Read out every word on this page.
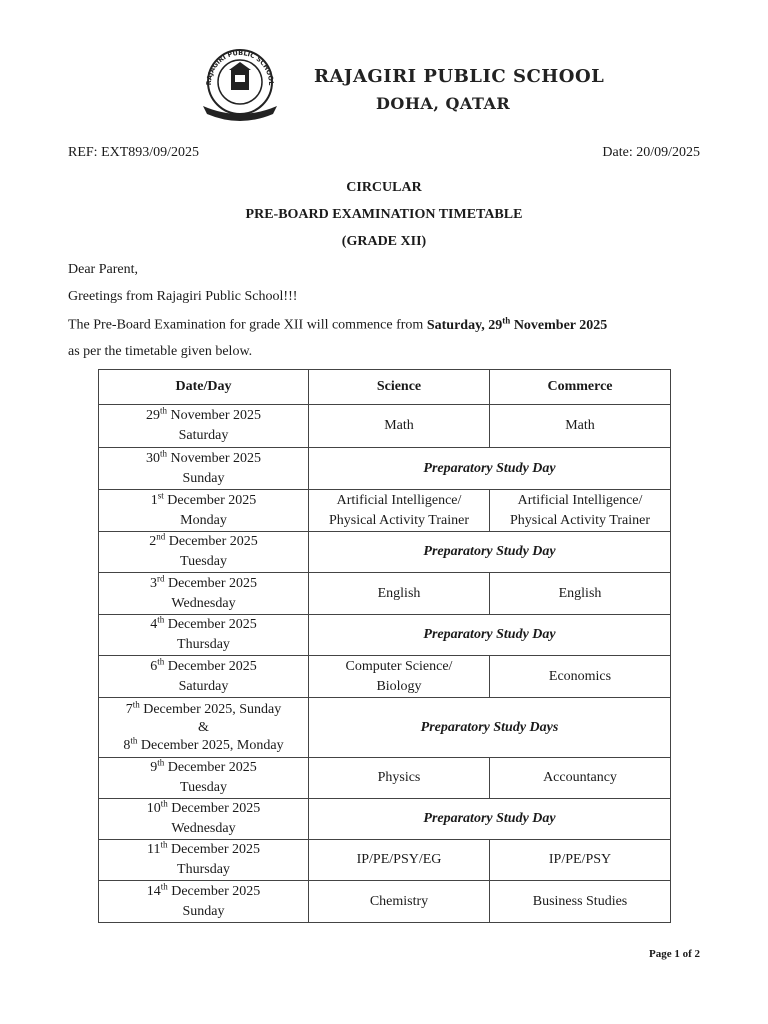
RAJAGIRI PUBLIC SCHOOL RAJAGIRI PUBLIC SCHOOL
DOHA, QATAR
REF: EXT893/09/2025	Date: 20/09/2025
CIRCULAR
PRE-BOARD EXAMINATION TIMETABLE
(GRADE XII)
Dear Parent,
Greetings from Rajagiri Public School!!!
The Pre-Board Examination for grade XII will commence from Saturday, 29th November 2025
as per the timetable given below.
Date/Day	Science	Commerce
29th November 2025
Saturday	Math	Math
30th November 2025
Sunday	Preparatory Study Day	
1st December 2025
Monday	Artificial Intelligence/
Physical Activity Trainer	Artificial Intelligence/
Physical Activity Trainer
2nd December 2025
Tuesday	Preparatory Study Day	
3rd December 2025
Wednesday	English	English
4th December 2025
Thursday	Preparatory Study Day	
6th December 2025
Saturday	Computer Science/
Biology	Economics
7th December 2025, Sunday
&
8th December 2025, Monday	Preparatory Study Days	
9th December 2025
Tuesday	Physics	Accountancy
10th December 2025
Wednesday	Preparatory Study Day	
11th December 2025
Thursday	IP/PE/PSY/EG	IP/PE/PSY
14th December 2025
Sunday	Chemistry	Business Studies
Page 1 of 2
